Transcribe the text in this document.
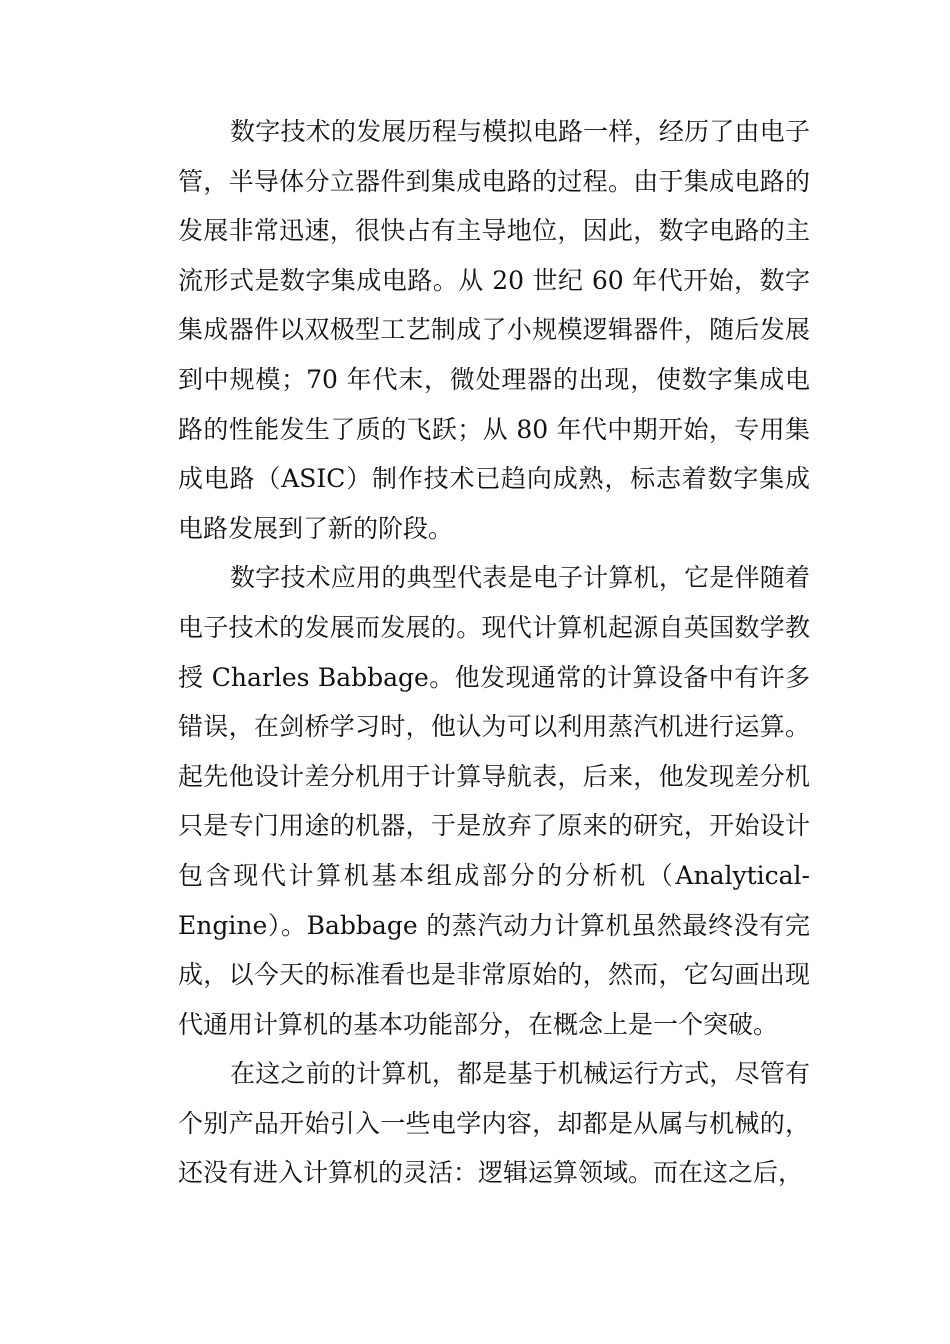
数字技术的发展历程与模拟电路一样，经历了由电子管，半导体分立器件到集成电路的过程。由于集成电路的发展非常迅速，很快占有主导地位，因此，数字电路的主流形式是数字集成电路。从 20 世纪 60 年代开始，数字集成器件以双极型工艺制成了小规模逻辑器件，随后发展到中规模；70 年代末，微处理器的出现，使数字集成电路的性能发生了质的飞跃；从 80 年代中期开始，专用集成电路（ASIC）制作技术已趋向成熟，标志着数字集成电路发展到了新的阶段。

数字技术应用的典型代表是电子计算机，它是伴随着电子技术的发展而发展的。现代计算机起源自英国数学教授 Charles Babbage。他发现通常的计算设备中有许多错误，在剑桥学习时，他认为可以利用蒸汽机进行运算。起先他设计差分机用于计算导航表，后来，他发现差分机只是专门用途的机器，于是放弃了原来的研究，开始设计包含现代计算机基本组成部分的分析机（Analytical-Engine）。Babbage 的蒸汽动力计算机虽然最终没有完成，以今天的标准看也是非常原始的，然而，它勾画出现代通用计算机的基本功能部分，在概念上是一个突破。

在这之前的计算机，都是基于机械运行方式，尽管有个别产品开始引入一些电学内容，却都是从属与机械的，还没有进入计算机的灵活：逻辑运算领域。而在这之后，
